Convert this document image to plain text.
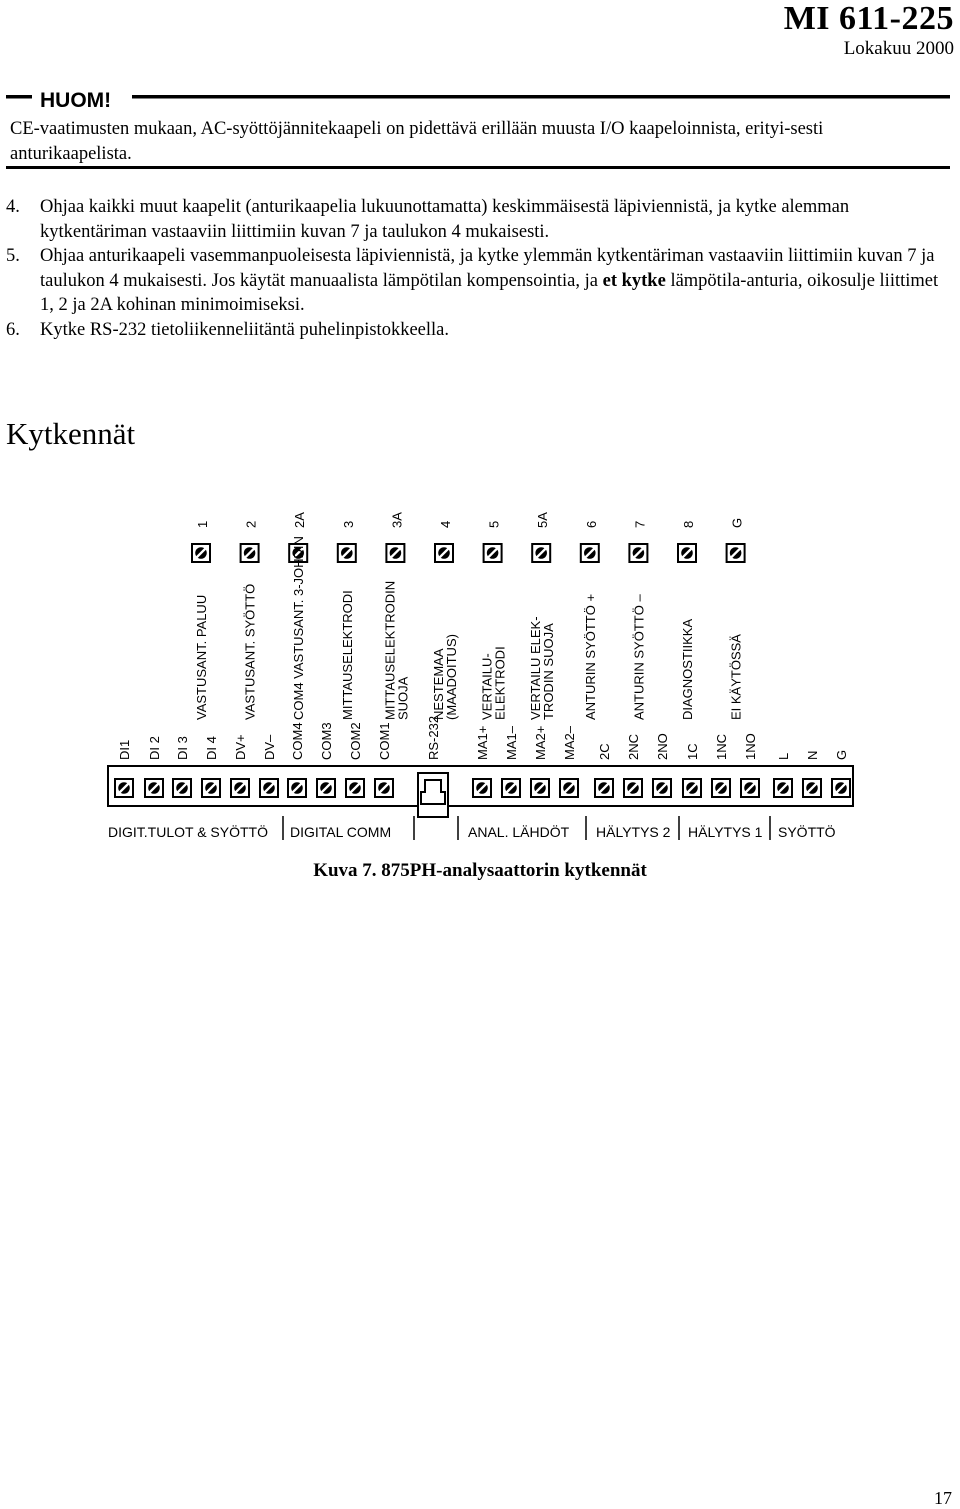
MI 611-225
Lokakuu 2000
HUOM!
CE-vaatimusten mukaan, AC-syöttöjännitekaapeli on pidettävä erillään muusta I/O kaapeloinnista, erityi-sesti anturikaapelista.
4. Ohjaa kaikki muut kaapelit (anturikaapelia lukuunottamatta) keskimmäisestä läpiviennistä, ja kytke alemman kytkentäriman vastaaviin liittimiin kuvan 7 ja taulukon 4 mukaisesti.
5. Ohjaa anturikaapeli vasemmanpuoleisesta läpiviennistä, ja kytke ylemmän kytkentäriman vastaaviin liittimiin kuvan 7 ja taulukon 4 mukaisesti. Jos käytät manuaalista lämpötilan kompensointia, ja et kytke lämpötila-anturia, oikosulje liittimet 1, 2 ja 2A kohinan minimoimiseksi.
6. Kytke RS-232 tietoliikenneliitäntä puhelinpistokkeella.
Kytkennät
1
VASTUSANT. PALUU
2
VASTUSANT. SYÖTTÖ
2A
COM4 VASTUSANT. 3-JOHDIN
3
MITTAUSELEKTRODI
3A
MITTAUSELEKTRODIN
SUOJA
4
NESTEMAA
(MAADOITUS)
5
VERTAILU-
ELEKTRODI
5A
VERTAILU ELEK-
TRODIN SUOJA
6
ANTURIN SYÖTTÖ +
7
ANTURIN SYÖTTÖ –
8
DIAGNOSTIIKKA
G
EI KÄYTÖSSÄ
DI1 DI 2 DI 3 DI 4 DV+ DV– COM4 COM3 COM2 COM1	RS-232	MA1+ MA1– MA2+ MA2– 2C 2NC 2NO 1C 1NC 1NO L N G
DIGIT.TULOT & SYÖTTÖ DIGITAL COMM	ANAL. LÄHDÖT HÄLYTYS 2 HÄLYTYS 1 SYÖTTÖ
Kuva 7. 875PH-analysaattorin kytkennät
17
